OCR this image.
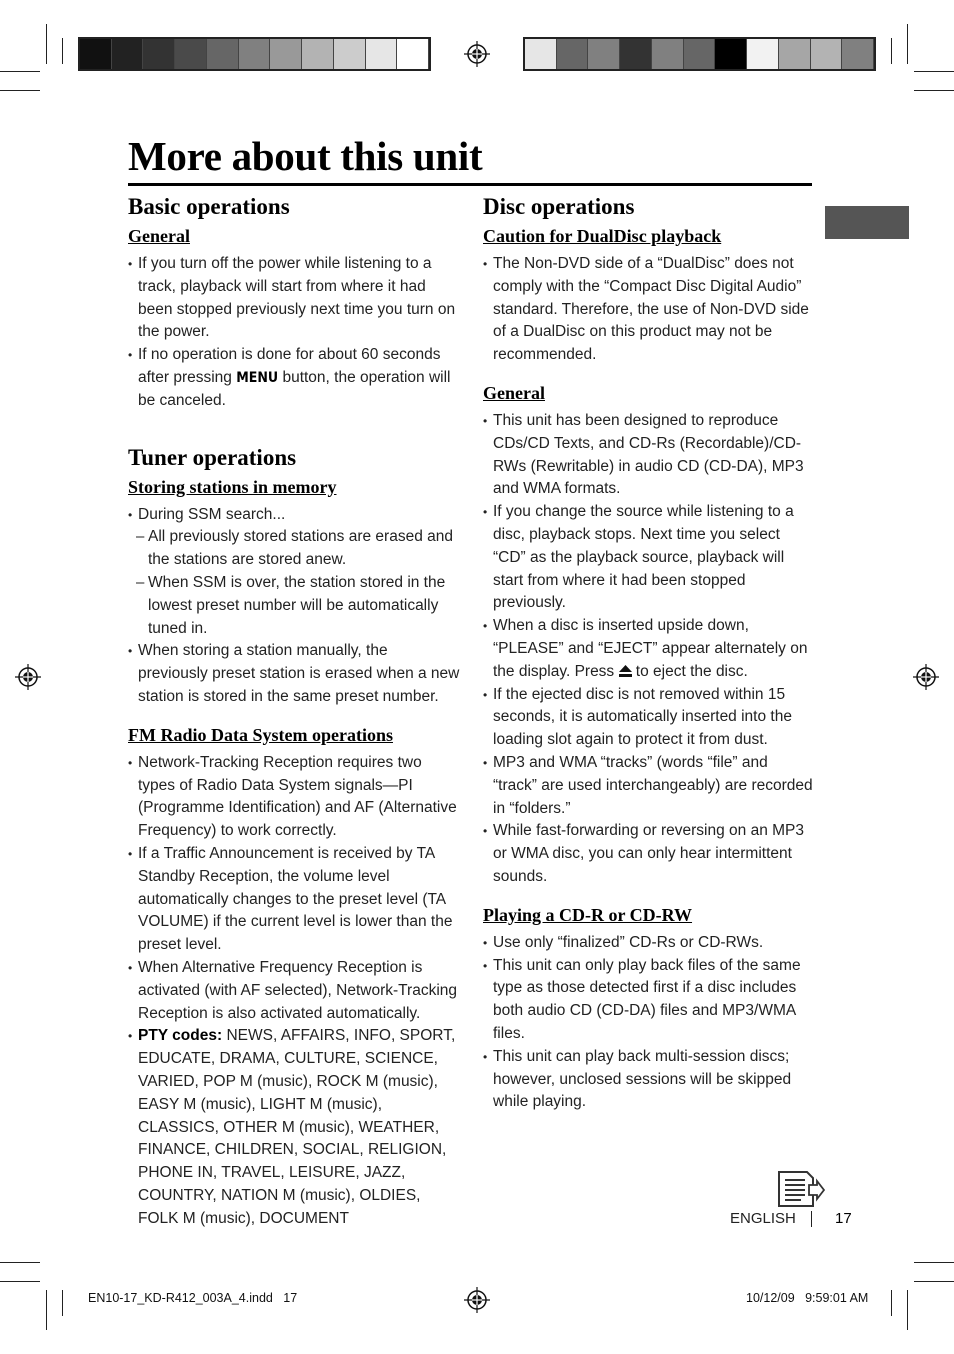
More about this unit
Basic operations
General
• If you turn off the power while listening to a track, playback will start from where it had been stopped previously next time you turn on the power.
• If no operation is done for about 60 seconds after pressing MENU button, the operation will be canceled.
Tuner operations
Storing stations in memory
• During SSM search...
– All previously stored stations are erased and the stations are stored anew.
– When SSM is over, the station stored in the lowest preset number will be automatically tuned in.
• When storing a station manually, the previously preset station is erased when a new station is stored in the same preset number.
FM Radio Data System operations
• Network-Tracking Reception requires two types of Radio Data System signals—PI (Programme Identification) and AF (Alternative Frequency) to work correctly.
• If a Traffic Announcement is received by TA Standby Reception, the volume level automatically changes to the preset level (TA VOLUME) if the current level is lower than the preset level.
• When Alternative Frequency Reception is activated (with AF selected), Network-Tracking Reception is also activated automatically.
• PTY codes: NEWS, AFFAIRS, INFO, SPORT, EDUCATE, DRAMA, CULTURE, SCIENCE, VARIED, POP M (music), ROCK M (music), EASY M (music), LIGHT M (music), CLASSICS, OTHER M (music), WEATHER, FINANCE, CHILDREN, SOCIAL, RELIGION, PHONE IN, TRAVEL, LEISURE, JAZZ, COUNTRY, NATION M (music), OLDIES, FOLK M (music), DOCUMENT
Disc operations
Caution for DualDisc playback
• The Non-DVD side of a “DualDisc” does not comply with the “Compact Disc Digital Audio” standard. Therefore, the use of Non-DVD side of a DualDisc on this product may not be recommended.
General
• This unit has been designed to reproduce CDs/CD Texts, and CD-Rs (Recordable)/CD-RWs (Rewritable) in audio CD (CD-DA), MP3 and WMA formats.
• If you change the source while listening to a disc, playback stops. Next time you select “CD” as the playback source, playback will start from where it had been stopped previously.
• When a disc is inserted upside down, “PLEASE” and “EJECT” appear alternately on the display. Press  to eject the disc.
• If the ejected disc is not removed within 15 seconds, it is automatically inserted into the loading slot again to protect it from dust.
• MP3 and WMA “tracks” (words “file” and “track” are used interchangeably) are recorded in “folders.”
• While fast-forwarding or reversing on an MP3 or WMA disc, you can only hear intermittent sounds.
Playing a CD-R or CD-RW
• Use only “finalized” CD-Rs or CD-RWs.
• This unit can only play back files of the same type as those detected first if a disc includes both audio CD (CD-DA) files and MP3/WMA files.
• This unit can play back multi-session discs; however, unclosed sessions will be skipped while playing.
ENGLISH	17
EN10-17_KD-R412_003A_4.indd   17	10/12/09   9:59:01 AM
